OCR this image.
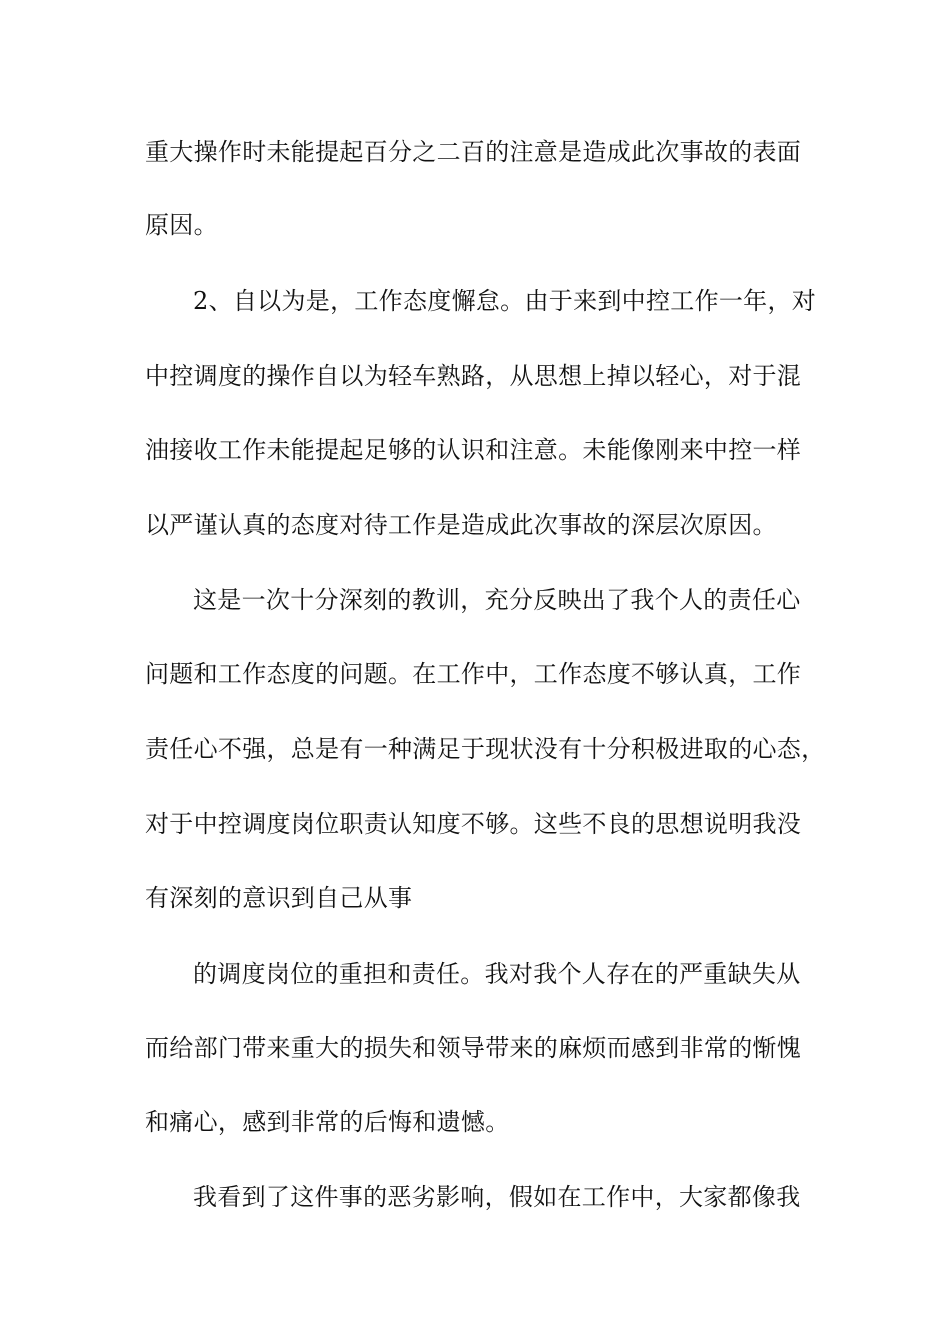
重大操作时未能提起百分之二百的注意是造成此次事故的表面
原因。
2、自以为是，工作态度懈怠。由于来到中控工作一年，对
中控调度的操作自以为轻车熟路，从思想上掉以轻心，对于混
油接收工作未能提起足够的认识和注意。未能像刚来中控一样
以严谨认真的态度对待工作是造成此次事故的深层次原因。
这是一次十分深刻的教训，充分反映出了我个人的责任心
问题和工作态度的问题。在工作中，工作态度不够认真，工作
责任心不强，总是有一种满足于现状没有十分积极进取的心态，
对于中控调度岗位职责认知度不够。这些不良的思想说明我没
有深刻的意识到自己从事
的调度岗位的重担和责任。我对我个人存在的严重缺失从
而给部门带来重大的损失和领导带来的麻烦而感到非常的惭愧
和痛心，感到非常的后悔和遗憾。
我看到了这件事的恶劣影响，假如在工作中，大家都像我
